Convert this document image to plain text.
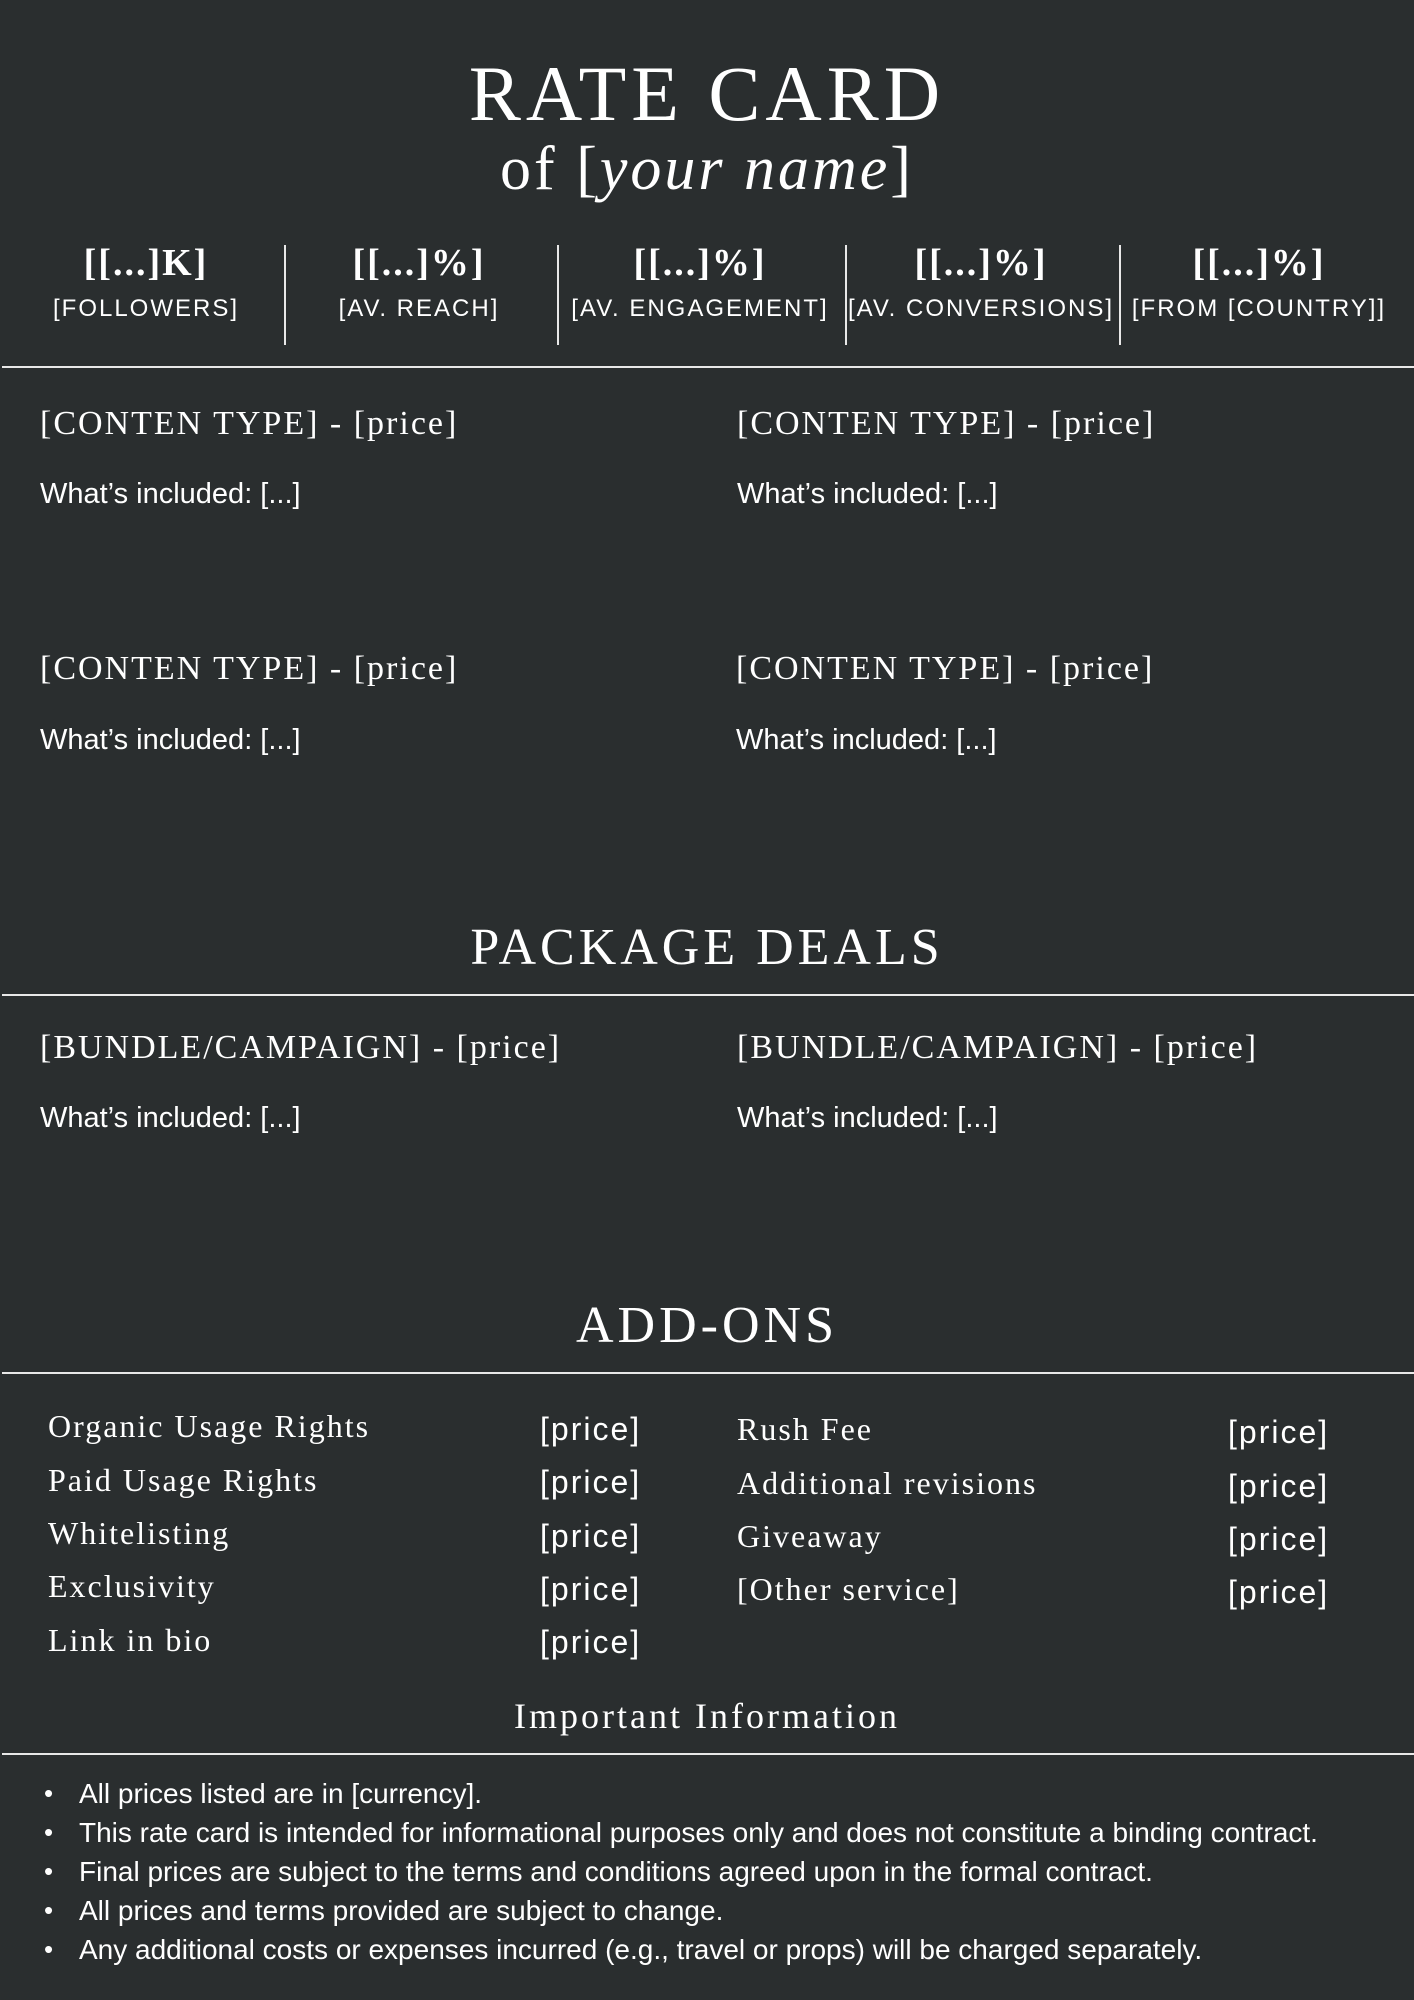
RATE CARD
of [your name]
[[...]K]
[FOLLOWERS]
[[...]%]
[AV. REACH]
[[...]%]
[AV. ENGAGEMENT]
[[...]%]
[AV. CONVERSIONS]
[[...]%]
[FROM [COUNTRY]]
[CONTEN TYPE] - [price]
What’s included: [...]
[CONTEN TYPE] - [price]
What’s included: [...]
[CONTEN TYPE] - [price]
What’s included: [...]
[CONTEN TYPE] - [price]
What’s included: [...]
PACKAGE DEALS
[BUNDLE/CAMPAIGN] - [price]
What’s included: [...]
[BUNDLE/CAMPAIGN] - [price]
What’s included: [...]
ADD-ONS
Organic Usage Rights	[price]
Paid Usage Rights	[price]
Whitelisting	[price]
Exclusivity	[price]
Link in bio	[price]
Rush Fee	[price]
Additional revisions	[price]
Giveaway	[price]
[Other service]	[price]
Important Information
• All prices listed are in [currency].
• This rate card is intended for informational purposes only and does not constitute a binding contract.
• Final prices are subject to the terms and conditions agreed upon in the formal contract.
• All prices and terms provided are subject to change.
• Any additional costs or expenses incurred (e.g., travel or props) will be charged separately.
